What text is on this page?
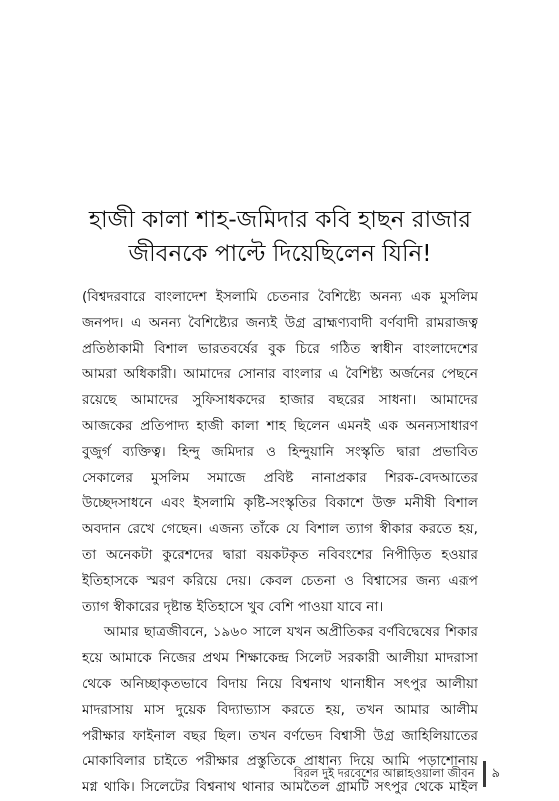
হাজী কালা শাহ-জমিদার কবি হাছন রাজার
জীবনকে পাল্টে দিয়েছিলেন যিনি!
(বিশ্বদরবারে বাংলাদেশ ইসলামি চেতনার বৈশিষ্ট্যে অনন্য এক মুসলিম
জনপদ। এ অনন্য বৈশিষ্ট্যের জন্যই উগ্র ব্রাহ্মণ্যবাদী বর্ণবাদী রামরাজত্ব
প্রতিষ্ঠাকামী বিশাল ভারতবর্ষের বুক চিরে গঠিত স্বাধীন বাংলাদেশের
আমরা অধিকারী। আমাদের সোনার বাংলার এ বৈশিষ্ট্য অর্জনের পেছনে
রয়েছে আমাদের সুফিসাধকদের হাজার বছরের সাধনা। আমাদের
আজকের প্রতিপাদ্য হাজী কালা শাহ ছিলেন এমনই এক অনন্যসাধারণ
বুজুর্গ ব্যক্তিত্ব। হিন্দু জমিদার ও হিন্দুয়ানি সংস্কৃতি দ্বারা প্রভাবিত
সেকালের মুসলিম সমাজে প্রবিষ্ট নানাপ্রকার শিরক-বেদআতের
উচ্ছেদসাধনে এবং ইসলামি কৃষ্টি-সংস্কৃতির বিকাশে উক্ত মনীষী বিশাল
অবদান রেখে গেছেন। এজন্য তাঁকে যে বিশাল ত্যাগ স্বীকার করতে হয়,
তা অনেকটা কুরেশদের দ্বারা বয়কটকৃত নবিবংশের নিপীড়িত হওয়ার
ইতিহাসকে স্মরণ করিয়ে দেয়। কেবল চেতনা ও বিশ্বাসের জন্য এরূপ
ত্যাগ স্বীকারের দৃষ্টান্ত ইতিহাসে খুব বেশি পাওয়া যাবে না।
আমার ছাত্রজীবনে, ১৯৬০ সালে যখন অপ্রীতিকর বর্ণবিদ্বেষের শিকার
হয়ে আমাকে নিজের প্রথম শিক্ষাকেন্দ্র সিলেট সরকারী আলীয়া মাদরাসা
থেকে অনিচ্ছাকৃতভাবে বিদায় নিয়ে বিশ্বনাথ থানাধীন সৎপুর আলীয়া
মাদরাসায় মাস দুয়েক বিদ্যাভ্যাস করতে হয়, তখন আমার আলীম
পরীক্ষার ফাইনাল বছর ছিল। তখন বর্ণভেদ বিশ্বাসী উগ্র জাহিলিয়াতের
মোকাবিলার চাইতে পরীক্ষার প্রস্তুতিকে প্রাধান্য দিয়ে আমি পড়াশোনায়
মগ্ন থাকি। সিলেটের বিশ্বনাথ থানার আমতৈল গ্রামটি সৎপুর থেকে মাইল
বিরল দুই দরবেশের আল্লাহওয়ালা জীবন ৯
